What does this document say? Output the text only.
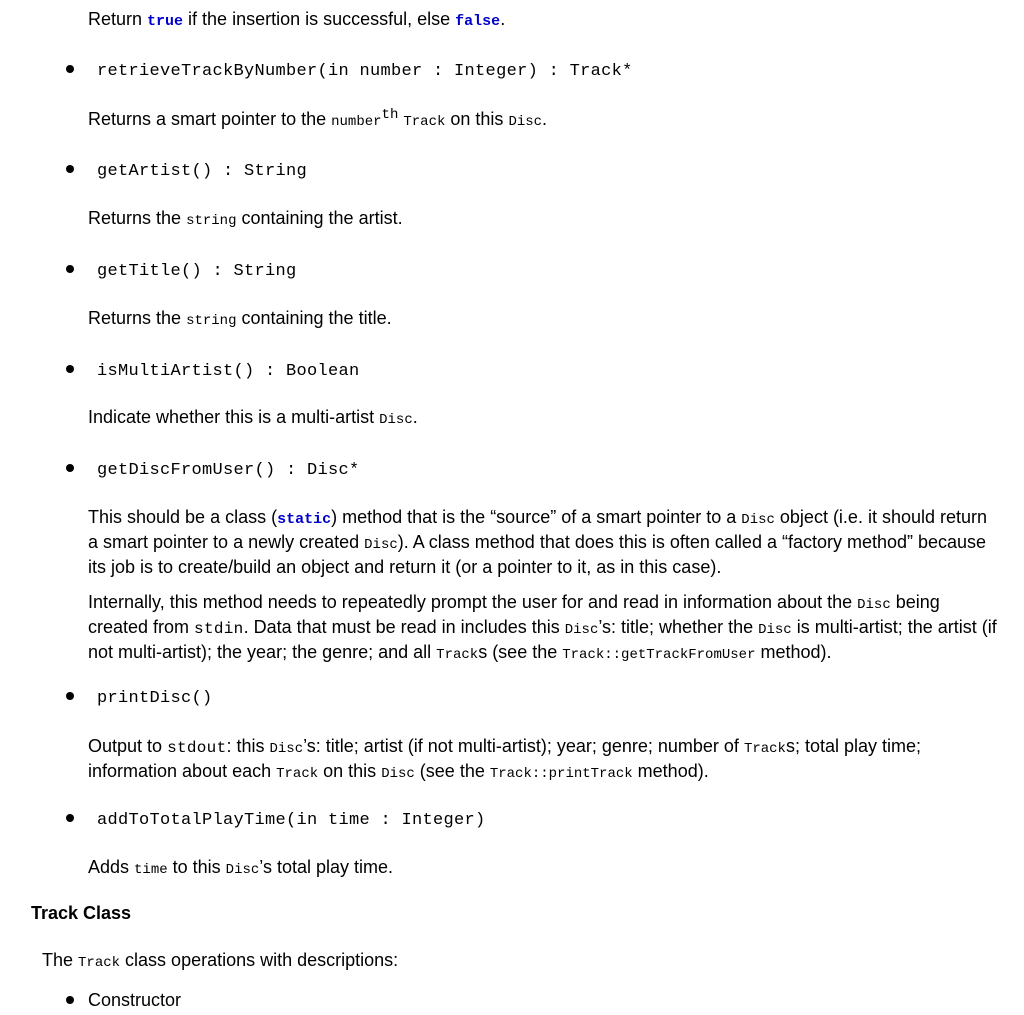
Return true if the insertion is successful, else false.

retrieveTrackByNumber(in number : Integer) : Track*

Returns a smart pointer to the number$^{th}$ Track on this Disc.

getArtist() : String

Returns the string containing the artist.

getTitle() : String

Returns the string containing the title.

isMultiArtist() : Boolean

Indicate whether this is a multi-artist Disc.

getDiscFromUser() : Disc*

This should be a class (static) method that is the “source” of a smart pointer to a Disc object (i.e. it should return a smart pointer to a newly created Disc). A class method that does this is often called a “factory method” because its job is to create/build an object and return it (or a pointer to it, as in this case).

Internally, this method needs to repeatedly prompt the user for and read in information about the Disc being created from stdin. Data that must be read in includes this Disc’s: title; whether the Disc is multi-artist; the artist (if not multi-artist); the year; the genre; and all Tracks (see the Track::getTrackFromUser method).

printDisc()

Output to stdout: this Disc’s: title; artist (if not multi-artist); year; genre; number of Tracks; total play time; information about each Track on this Disc (see the Track::printTrack method).

addToTotalPlayTime(in time : Integer)

Adds time to this Disc’s total play time.

Track Class
The Track class operations with descriptions:
Constructor
